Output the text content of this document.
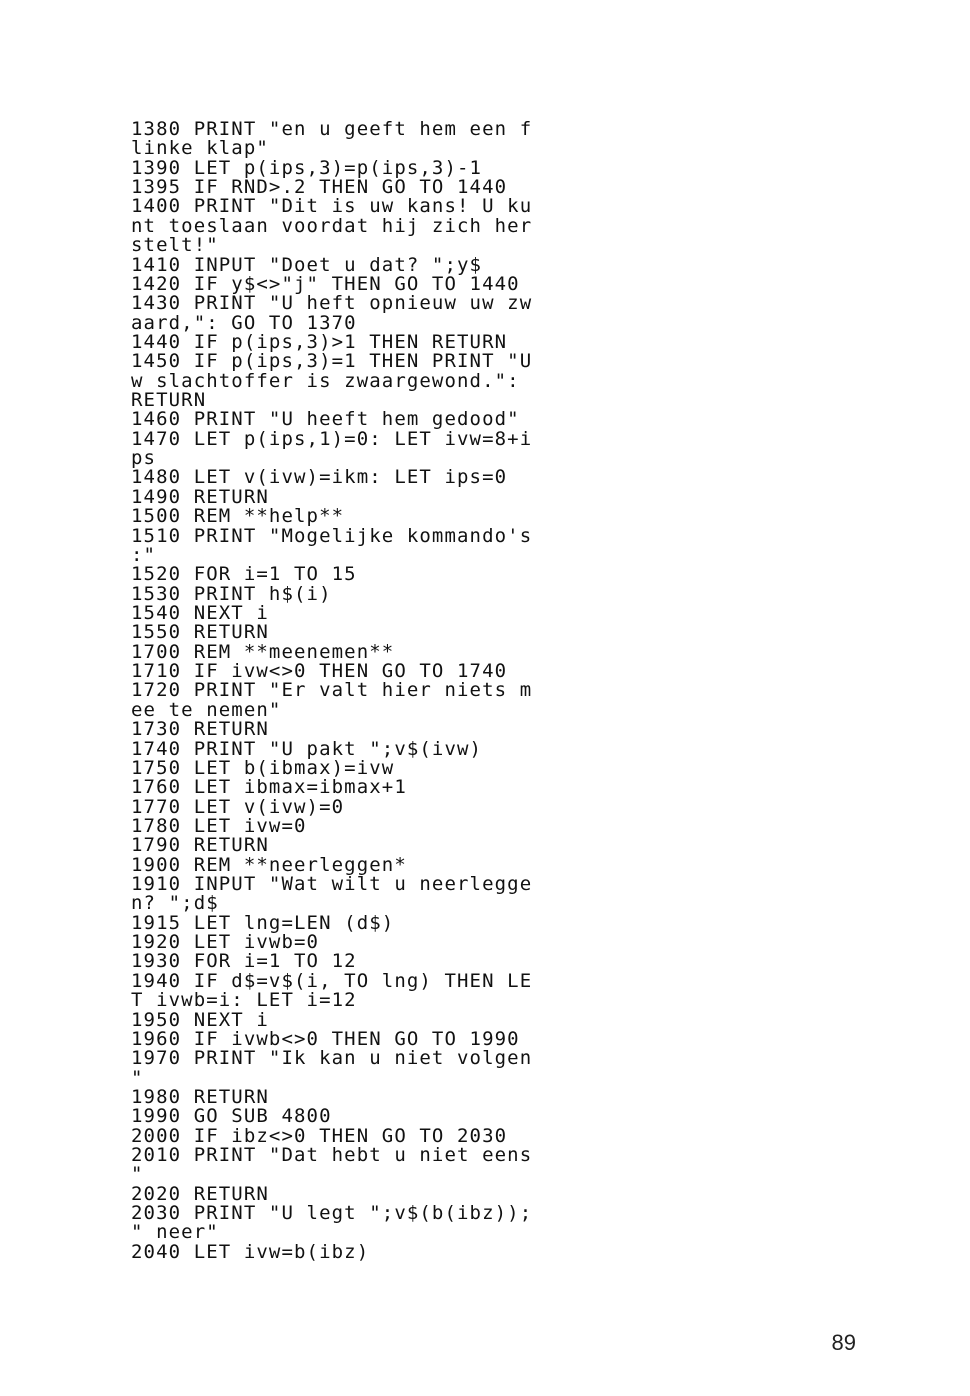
1380 PRINT "en u geeft hem een f
linke klap"
1390 LET p(ips,3)=p(ips,3)-1
1395 IF RND>.2 THEN GO TO 1440
1400 PRINT "Dit is uw kans! U ku
nt toeslaan voordat hij zich her
stelt!"
1410 INPUT "Doet u dat? ";y$
1420 IF y$<>"j" THEN GO TO 1440
1430 PRINT "U heft opnieuw uw zw
aard,": GO TO 1370
1440 IF p(ips,3)>1 THEN RETURN
1450 IF p(ips,3)=1 THEN PRINT "U
w slachtoffer is zwaargewond.":
RETURN
1460 PRINT "U heeft hem gedood"
1470 LET p(ips,1)=0: LET ivw=8+i
ps
1480 LET v(ivw)=ikm: LET ips=0
1490 RETURN
1500 REM **help**
1510 PRINT "Mogelijke kommando's
:"
1520 FOR i=1 TO 15
1530 PRINT h$(i)
1540 NEXT i
1550 RETURN
1700 REM **meenemen**
1710 IF ivw<>0 THEN GO TO 1740
1720 PRINT "Er valt hier niets m
ee te nemen"
1730 RETURN
1740 PRINT "U pakt ";v$(ivw)
1750 LET b(ibmax)=ivw
1760 LET ibmax=ibmax+1
1770 LET v(ivw)=0
1780 LET ivw=0
1790 RETURN
1900 REM **neerleggen*
1910 INPUT "Wat wilt u neerlegge
n? ";d$
1915 LET lng=LEN (d$)
1920 LET ivwb=0
1930 FOR i=1 TO 12
1940 IF d$=v$(i, TO lng) THEN LE
T ivwb=i: LET i=12
1950 NEXT i
1960 IF ivwb<>0 THEN GO TO 1990
1970 PRINT "Ik kan u niet volgen
"
1980 RETURN
1990 GO SUB 4800
2000 IF ibz<>0 THEN GO TO 2030
2010 PRINT "Dat hebt u niet eens
"
2020 RETURN
2030 PRINT "U legt ";v$(b(ibz));
" neer"
2040 LET ivw=b(ibz)
89
